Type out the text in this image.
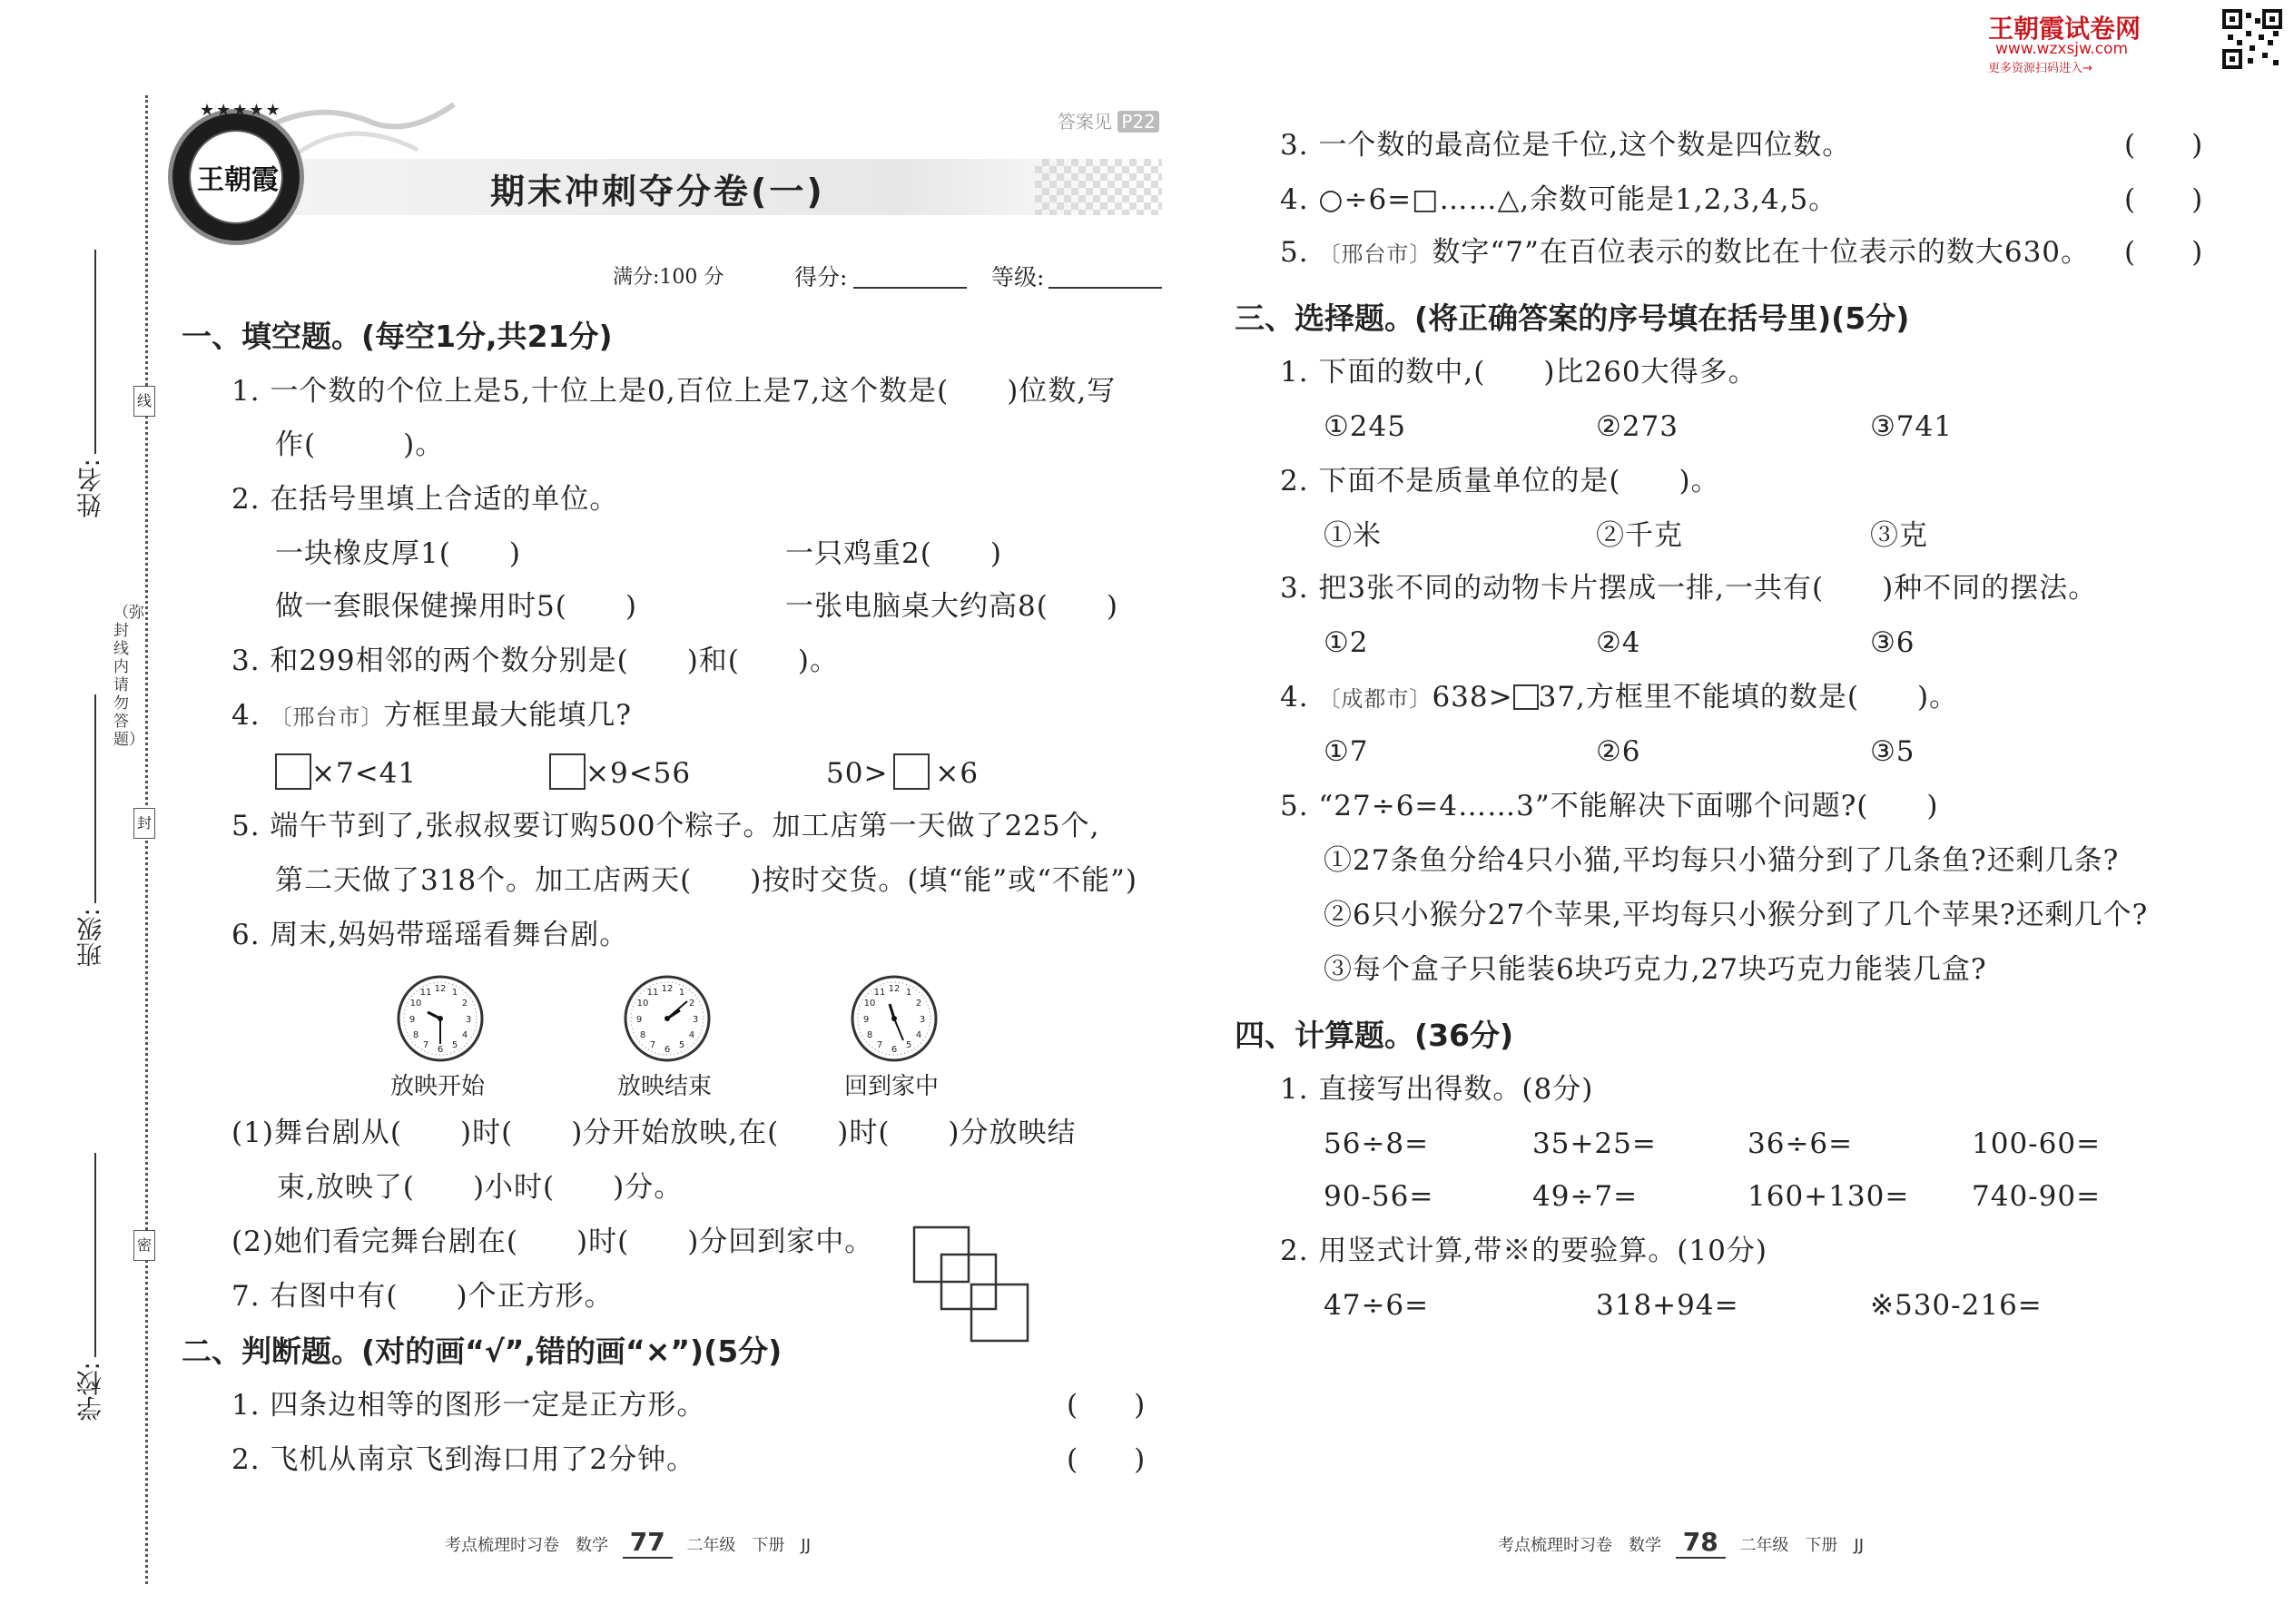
王朝霞试卷网
www.wzxsjw.com
更多资源扫码进入→
姓名:
班级:
学校:
（弥封线内请勿答题）
线
封
密
王朝霞
★★★★★
答案见 P22
期末冲刺夺分卷(一)
满分:100 分	得分:	等级:
一、填空题。(每空1分,共21分)
1. 一个数的个位上是5,十位上是0,百位上是7,这个数是(　　)位数,写
作(　　　)。
2. 在括号里填上合适的单位。
一块橡皮厚1(　　)	一只鸡重2(　　)
做一套眼保健操用时5(　　)	一张电脑桌大约高8(　　)
3. 和299相邻的两个数分别是(　　)和(　　)。
4. 〔邢台市〕方框里最大能填几?
×7<41	×9<56	50> ×6
5. 端午节到了,张叔叔要订购500个粽子。加工店第一天做了225个,
第二天做了318个。加工店两天(　　)按时交货。(填“能”或“不能”)
6. 周末,妈妈带瑶瑶看舞台剧。
12 1
2
3
4
5
6
7
8
9
10
11	12 1
2
3
4
5
6
7
8
9
10
11	12 1
2
3
4
5
6
7
8
9
10
11
放映开始	放映结束	回到家中
(1)舞台剧从(　　)时(　　)分开始放映,在(　　)时(　　)分放映结
束,放映了(　　)小时(　　)分。
(2)她们看完舞台剧在(　　)时(　　)分回到家中。
7. 右图中有(　　)个正方形。
二、判断题。(对的画“√”,错的画“×”)(5分)
1. 四条边相等的图形一定是正方形。	(　　)
2. 飞机从南京飞到海口用了2分钟。	(　　)
考点梳理时习卷　数学 77 二年级　下册　JJ
3. 一个数的最高位是千位,这个数是四位数。	(　　)
4. ○÷6=□……△,余数可能是1,2,3,4,5。	(　　)
5. 〔邢台市〕数字“7”在百位表示的数比在十位表示的数大630。 (　　)
三、选择题。(将正确答案的序号填在括号里)(5分)
1. 下面的数中,(　　)比260大得多。
①245	②273	③741
2. 下面不是质量单位的是(　　)。
①米	②千克	③克
3. 把3张不同的动物卡片摆成一排,一共有(　　)种不同的摆法。
①2	②4	③6
4. 〔成都市〕638> 37,方框里不能填的数是(　　)。
①7	②6	③5
5. “27÷6=4……3”不能解决下面哪个问题?(　　)
①27条鱼分给4只小猫,平均每只小猫分到了几条鱼?还剩几条?
②6只小猴分27个苹果,平均每只小猴分到了几个苹果?还剩几个?
③每个盒子只能装6块巧克力,27块巧克力能装几盒?
四、计算题。(36分)
1. 直接写出得数。(8分)
56÷8=	35+25=	36÷6=	100-60=
90-56=	49÷7=	160+130= 740-90=
2. 用竖式计算,带※的要验算。(10分)
47÷6=	318+94=	※530-216=
考点梳理时习卷　数学 78 二年级　下册　JJ
